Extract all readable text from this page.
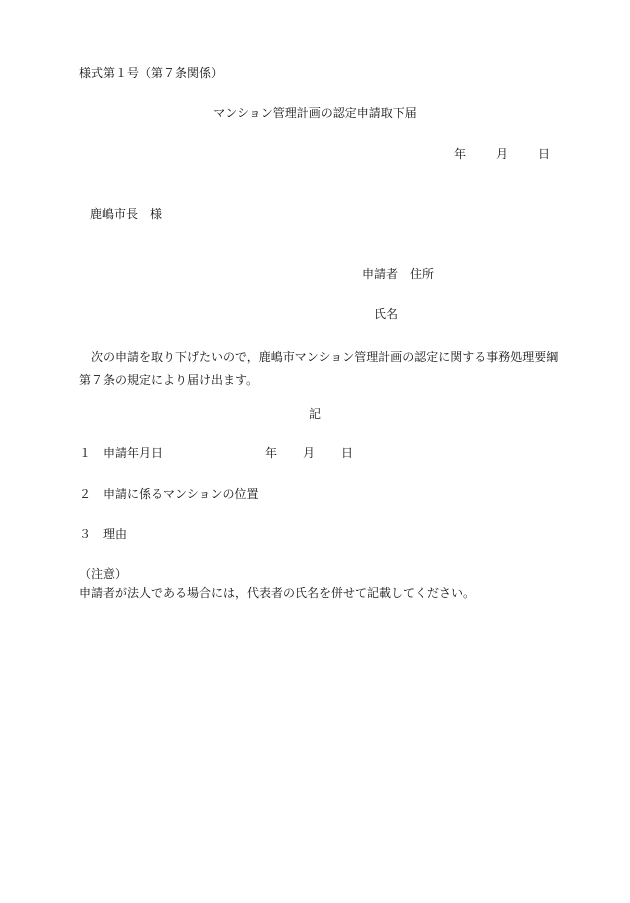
様式第１号（第７条関係）
マンション管理計画の認定申請取下届
年	月	日
鹿嶋市長　様
申請者　住所
氏名
次の申請を取り下げたいので，鹿嶋市マンション管理計画の認定に関する事務処理要綱第７条の規定により届け出ます。
記
１ 申請年月日	年 月 日
２ 申請に係るマンションの位置
３ 理由
（注意）
申請者が法人である場合には，代表者の氏名を併せて記載してください。
